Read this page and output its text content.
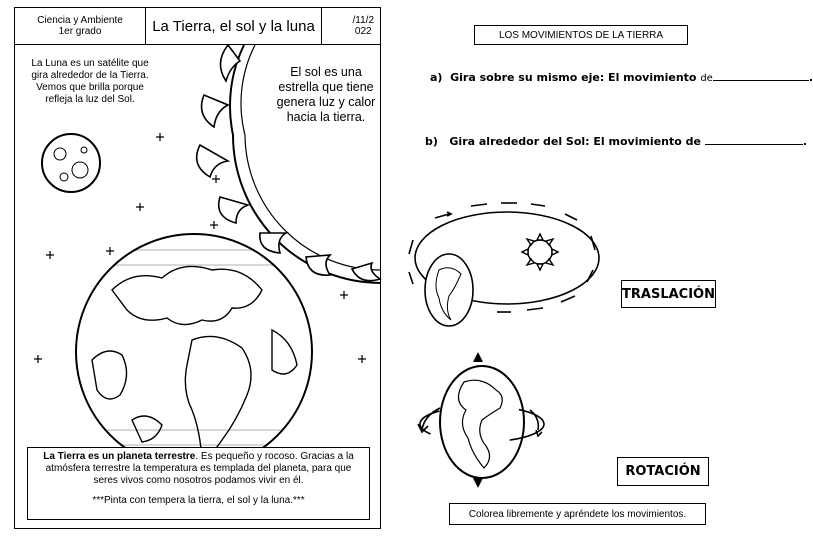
Ciencia y Ambiente
1er grado	La Tierra, el sol y la luna	/11/2
022
La Luna es un satélite que gira alrededor de la Tierra. Vemos que brilla porque refleja la luz del Sol.
El sol es una estrella que tiene genera luz y calor hacia la tierra.

La Tierra es un planeta terrestre. Es pequeño y rocoso. Gracias a la atmósfera terrestre la temperatura es templada del planeta, para que seres vivos como nosotros podamos vivir en él.

***Pinta con tempera la tierra, el sol y la luna.***

LOS MOVIMIENTOS DE LA TIERRA
a) Gira sobre su mismo eje: El movimiento de	.
b) Gira alrededor del Sol: El movimiento de	.
TRASLACIÓN
ROTACIÓN
Colorea libremente y apréndete los movimientos.
